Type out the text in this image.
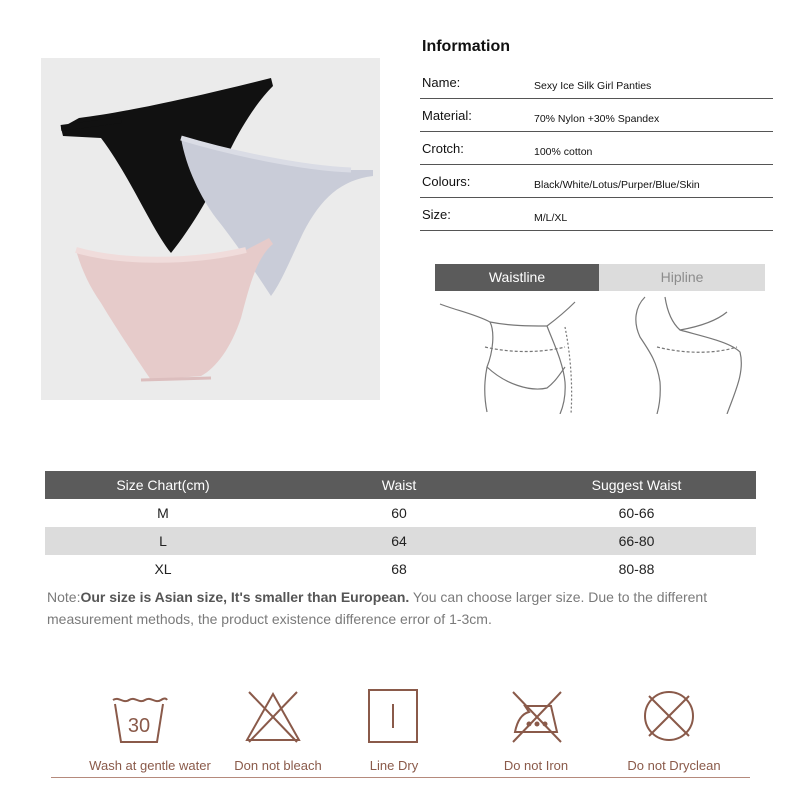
Information
Name:	Sexy Ice Silk Girl Panties
Material:	70% Nylon +30% Spandex
Crotch:	100% cotton
Colours:	Black/White/Lotus/Purper/Blue/Skin
Size:	M/L/XL
Waistline	Hipline
Size Chart(cm)	Waist	Suggest Waist
M	60	60-66
L	64	66-80
XL	68	80-88
Note:Our size is Asian size, It's smaller than European. You can choose larger size. Due to the different measurement methods, the product existence difference error of 1-3cm.
30
Wash at gentle water	Don not bleach	Line Dry	Do not Iron	Do not Dryclean
